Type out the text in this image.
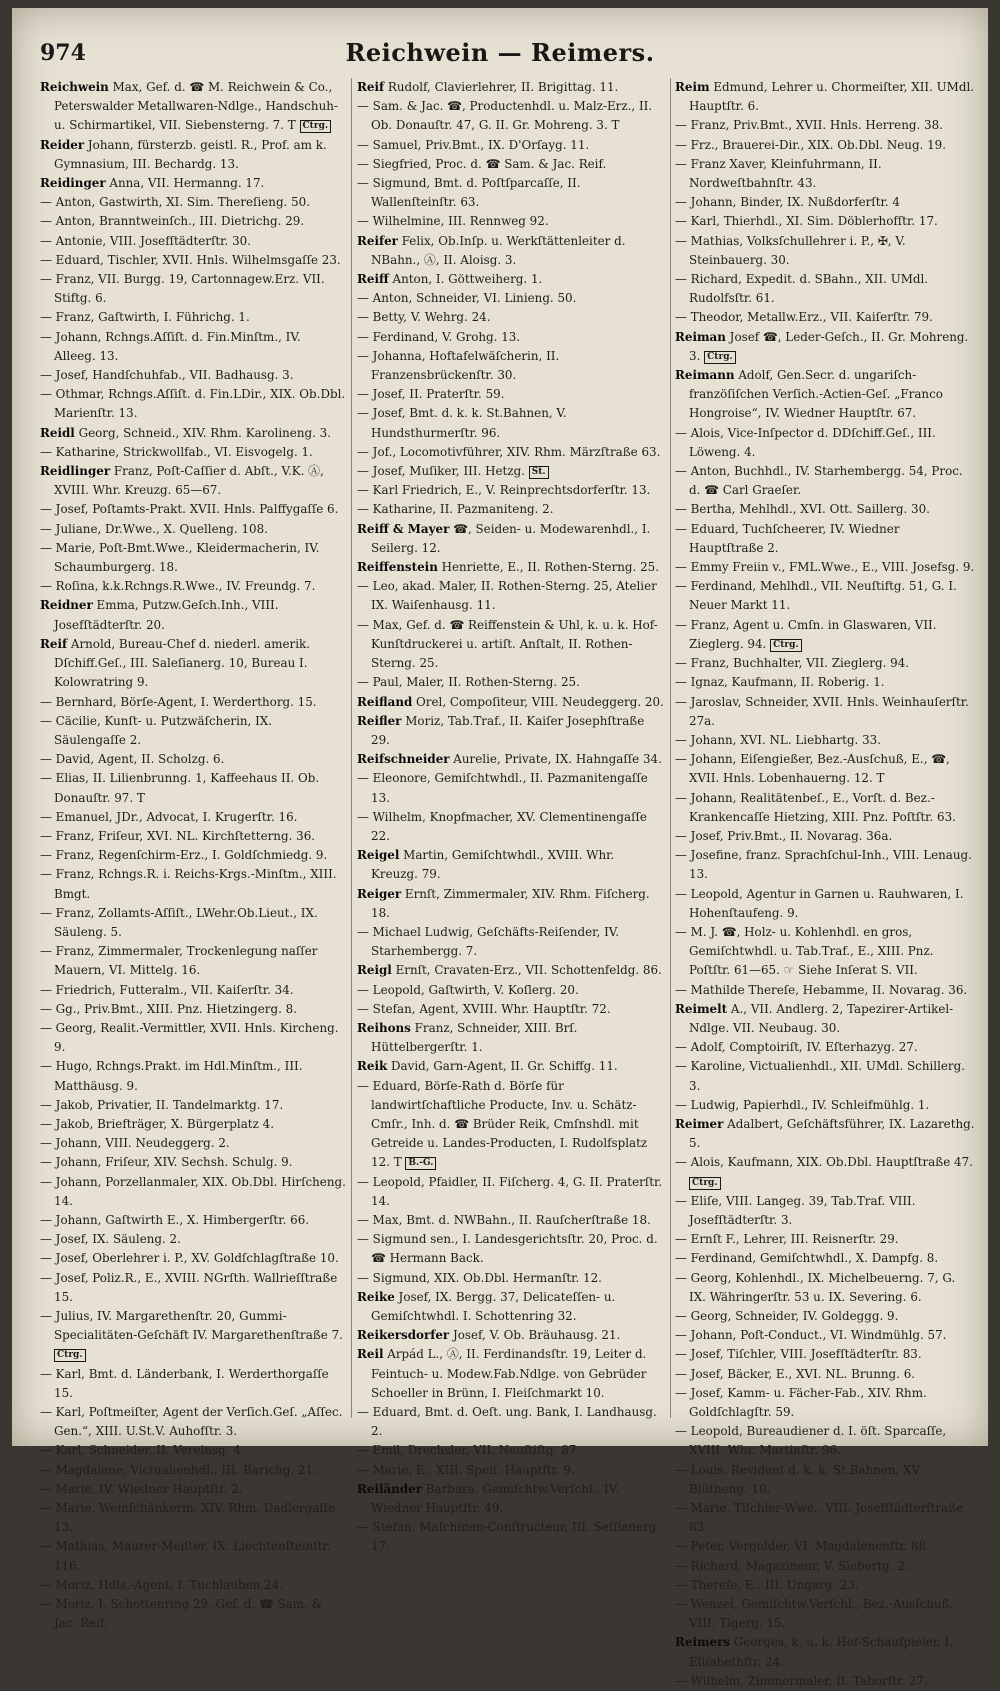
974	Reichwein — Reimers.

Reichwein Max, Gef. d. ☎ M. Reichwein & Co., Peterswalder Metallwaren-Ndlge., Handschuh- u. Schirmartikel, VII. Siebensterng. 7. T Ctrg.

Reider Johann, fürsterzb. geistl. R., Prof. am k. Gymnasium, III. Bechardg. 13.

Reidinger Anna, VII. Hermanng. 17.

— Anton, Gastwirth, XI. Sim. Thereſieng. 50.

— Anton, Branntweinſch., III. Dietrichg. 29.

— Antonie, VIII. Josefſtädterſtr. 30.

— Eduard, Tischler, XVII. Hnls. Wilhelmsgaſſe 23.

— Franz, VII. Burgg. 19, Cartonnagew.Erz. VII. Stiftg. 6.

— Franz, Gaſtwirth, I. Führichg. 1.

— Johann, Rchngs.Aſſiſt. d. Fin.Minſtm., IV. Alleeg. 13.

— Josef, Handſchuhfab., VII. Badhausg. 3.

— Othmar, Rchngs.Aſſiſt. d. Fin.LDir., XIX. Ob.Dbl. Marienſtr. 13.

Reidl Georg, Schneid., XIV. Rhm. Karolineng. 3.

— Katharine, Strickwollfab., VI. Eisvogelg. 1.

Reidlinger Franz, Poſt-Caſſier d. Abſt., V.K. Ⓐ, XVIII. Whr. Kreuzg. 65—67.

— Josef, Poſtamts-Prakt. XVII. Hnls. Palffygaſſe 6.

— Juliane, Dr.Wwe., X. Quelleng. 108.

— Marie, Poſt-Bmt.Wwe., Kleidermacherin, IV. Schaumburgerg. 18.

— Roſina, k.k.Rchngs.R.Wwe., IV. Freundg. 7.

Reidner Emma, Putzw.Geſch.Inh., VIII. Josefſtädterſtr. 20.

Reif Arnold, Bureau-Chef d. niederl. amerik. Dſchiff.Geſ., III. Saleſianerg. 10, Bureau I. Kolowratring 9.

— Bernhard, Börſe-Agent, I. Werderthorg. 15.

— Cäcilie, Kunſt- u. Putzwäſcherin, IX. Säulengaſſe 2.

— David, Agent, II. Scholzg. 6.

— Elias, II. Lilienbrunng. 1, Kaffeehaus II. Ob. Donauſtr. 97. T

— Emanuel, JDr., Advocat, I. Krugerſtr. 16.

— Franz, Friſeur, XVI. NL. Kirchſtetterng. 36.

— Franz, Regenſchirm-Erz., I. Goldſchmiedg. 9.

— Franz, Rchngs.R. i. Reichs-Krgs.-Minſtm., XIII. Bmgt.

— Franz, Zollamts-Aſſiſt., LWehr.Ob.Lieut., IX. Säuleng. 5.

— Franz, Zimmermaler, Trockenlegung naſſer Mauern, VI. Mittelg. 16.

— Friedrich, Futteralm., VII. Kaiſerſtr. 34.

— Gg., Priv.Bmt., XIII. Pnz. Hietzingerg. 8.

— Georg, Realit.-Vermittler, XVII. Hnls. Kircheng. 9.

— Hugo, Rchngs.Prakt. im Hdl.Minſtm., III. Matthäusg. 9.

— Jakob, Privatier, II. Tandelmarktg. 17.

— Jakob, Briefträger, X. Bürgerplatz 4.

— Johann, VIII. Neudeggerg. 2.

— Johann, Friſeur, XIV. Sechsh. Schulg. 9.

— Johann, Porzellanmaler, XIX. Ob.Dbl. Hirſcheng. 14.

— Johann, Gaſtwirth E., X. Himbergerſtr. 66.

— Josef, IX. Säuleng. 2.

— Josef, Oberlehrer i. P., XV. Goldſchlagſtraße 10.

— Josef, Poliz.R., E., XVIII. NGrſth. Wallrieſſtraße 15.

— Julius, IV. Margarethenſtr. 20, Gummi-Specialitäten-Geſchäft IV. Margarethenſtraße 7. Ctrg.

— Karl, Bmt. d. Länderbank, I. Werderthorgaſſe 15.

— Karl, Poſtmeiſter, Agent der Verſich.Geſ. „Aſſec. Gen.“, XIII. U.St.V. Auhofſtr. 3.

— Karl, Schneider, II. Vereinsg. 4.

— Magdalene, Victualienhdl., III. Barichg. 21.

— Marie, IV. Wiedner Hauptſtr. 2.

— Marie, Weinſchänkerin, XIV. Rhm. Dadlergaſſe 13.

— Mathias, Maurer-Meiſter, IX. Liechtenſteinſtr. 116.

— Moriz, Hdls.-Agent, I. Tuchlauben 24.

— Moriz, I. Schottenring 29, Gef. d. ☎ Sam. & Jac. Reif.

Reif Rudolf, Clavierlehrer, II. Brigittag. 11.

— Sam. & Jac. ☎, Productenhdl. u. Malz-Erz., II. Ob. Donauſtr. 47, G. II. Gr. Mohreng. 3. T

— Samuel, Priv.Bmt., IX. D'Orſayg. 11.

— Siegfried, Proc. d. ☎ Sam. & Jac. Reif.

— Sigmund, Bmt. d. Poſtſparcaſſe, II. Wallenſteinſtr. 63.

— Wilhelmine, III. Rennweg 92.

Reifer Felix, Ob.Inſp. u. Werkſtättenleiter d. NBahn., Ⓐ, II. Aloisg. 3.

Reiff Anton, I. Göttweiherg. 1.

— Anton, Schneider, VI. Linieng. 50.

— Betty, V. Wehrg. 24.

— Ferdinand, V. Grohg. 13.

— Johanna, Hoftafelwäſcherin, II. Franzensbrückenſtr. 30.

— Josef, II. Praterſtr. 59.

— Josef, Bmt. d. k. k. St.Bahnen, V. Hundsthurmerſtr. 96.

— Jof., Locomotivführer, XIV. Rhm. Märzſtraße 63.

— Josef, Muſiker, III. Hetzg. St.

— Karl Friedrich, E., V. Reinprechtsdorferſtr. 13.

— Katharine, II. Pazmaniteng. 2.

Reiff & Mayer ☎, Seiden- u. Modewarenhdl., I. Seilerg. 12.

Reiffenstein Henriette, E., II. Rothen-Sterng. 25.

— Leo, akad. Maler, II. Rothen-Sterng. 25, Atelier IX. Waiſenhausg. 11.

— Max, Gef. d. ☎ Reiffenstein & Uhl, k. u. k. Hof-Kunſtdruckerei u. artiſt. Anſtalt, II. Rothen-Sterng. 25.

— Paul, Maler, II. Rothen-Sterng. 25.

Reifland Orel, Compoſiteur, VIII. Neudeggerg. 20.

Reifler Moriz, Tab.Traf., II. Kaiſer Josephſtraße 29.

Reifschneider Aurelie, Private, IX. Hahngaſſe 34.

— Eleonore, Gemiſchtwhdl., II. Pazmanitengaſſe 13.

— Wilhelm, Knopfmacher, XV. Clementinengaſſe 22.

Reigel Martin, Gemiſchtwhdl., XVIII. Whr. Kreuzg. 79.

Reiger Ernſt, Zimmermaler, XIV. Rhm. Fiſcherg. 18.

— Michael Ludwig, Geſchäfts-Reiſender, IV. Starhembergg. 7.

Reigl Ernſt, Cravaten-Erz., VII. Schottenfeldg. 86.

— Leopold, Gaſtwirth, V. Koſlerg. 20.

— Stefan, Agent, XVIII. Whr. Hauptſtr. 72.

Reihons Franz, Schneider, XIII. Brſ. Hüttelbergerſtr. 1.

Reik David, Garn-Agent, II. Gr. Schiffg. 11.

— Eduard, Börſe-Rath d. Börſe für landwirtſchaftliche Producte, Inv. u. Schätz-Cmſr., Inh. d. ☎ Brüder Reik, Cmſnshdl. mit Getreide u. Landes-Producten, I. Rudolfsplatz 12. T B.-G.

— Leopold, Pfaidler, II. Fiſcherg. 4, G. II. Praterſtr. 14.

— Max, Bmt. d. NWBahn., II. Rauſcherſtraße 18.

— Sigmund sen., I. Landesgerichtsſtr. 20, Proc. d. ☎ Hermann Back.

— Sigmund, XIX. Ob.Dbl. Hermanſtr. 12.

Reike Josef, IX. Bergg. 37, Delicateſſen- u. Gemiſchtwhdl. I. Schottenring 32.

Reikersdorfer Josef, V. Ob. Bräuhausg. 21.

Reil Arpád L., Ⓐ, II. Ferdinandsſtr. 19, Leiter d. Feintuch- u. Modew.Fab.Ndlge. von Gebrüder Schoeller in Brünn, I. Fleiſchmarkt 10.

— Eduard, Bmt. d. Oeſt. ung. Bank, I. Landhausg. 2.

— Emil, Drechsler, VII. Neuſtiftg. 87.

— Marie, E., XIII. Speiſ. Hauptſtr. 9.

Reiländer Barbara, Gemiſchtw.Verſchl., IV. Wiedner Hauptſtr. 49.

— Stefan, Maſchinen-Conſtructeur, III. Seſſianerg. 17.

Reim Edmund, Lehrer u. Chormeiſter, XII. UMdl. Hauptſtr. 6.

— Franz, Priv.Bmt., XVII. Hnls. Herreng. 38.

— Frz., Brauerei-Dir., XIX. Ob.Dbl. Neug. 19.

— Franz Xaver, Kleinfuhrmann, II. Nordweſtbahnſtr. 43.

— Johann, Binder, IX. Nußdorferſtr. 4

— Karl, Thierhdl., XI. Sim. Döblerhofſtr. 17.

— Mathias, Volksſchullehrer i. P., ✠, V. Steinbauerg. 30.

— Richard, Expedit. d. SBahn., XII. UMdl. Rudolfsſtr. 61.

— Theodor, Metallw.Erz., VII. Kaiſerſtr. 79.

Reiman Josef ☎, Leder-Geſch., II. Gr. Mohreng. 3. Ctrg.

Reimann Adolf, Gen.Secr. d. ungariſch-franzöſiſchen Verſich.-Actien-Geſ. „Franco Hongroise“, IV. Wiedner Hauptſtr. 67.

— Alois, Vice-Inſpector d. DDſchiff.Geſ., III. Löweng. 4.

— Anton, Buchhdl., IV. Starhembergg. 54, Proc. d. ☎ Carl Graeſer.

— Bertha, Mehlhdl., XVI. Ott. Saillerg. 30.

— Eduard, Tuchſcheerer, IV. Wiedner Hauptſtraße 2.

— Emmy Freiin v., FML.Wwe., E., VIII. Josefsg. 9.

— Ferdinand, Mehlhdl., VII. Neuſtiftg. 51, G. I. Neuer Markt 11.

— Franz, Agent u. Cmſn. in Glaswaren, VII. Zieglerg. 94. Ctrg.

— Franz, Buchhalter, VII. Zieglerg. 94.

— Ignaz, Kaufmann, II. Roberig. 1.

— Jaroslav, Schneider, XVII. Hnls. Weinhauſerſtr. 27a.

— Johann, XVI. NL. Liebhartg. 33.

— Johann, Eiſengießer, Bez.-Ausſchuß, E., ☎, XVII. Hnls. Lobenhauerng. 12. T

— Johann, Realitätenbeſ., E., Vorſt. d. Bez.-Krankencaſſe Hietzing, XIII. Pnz. Poſtſtr. 63.

— Josef, Priv.Bmt., II. Novarag. 36a.

— Josefine, franz. Sprachſchul-Inh., VIII. Lenaug. 13.

— Leopold, Agentur in Garnen u. Rauhwaren, I. Hohenſtaufeng. 9.

— M. J. ☎, Holz- u. Kohlenhdl. en gros, Gemiſchtwhdl. u. Tab.Traf., E., XIII. Pnz. Poſtſtr. 61—65. ☞ Siehe Inſerat S. VII.

— Mathilde Thereſe, Hebamme, II. Novarag. 36.

Reimelt A., VII. Andlerg. 2, Tapezirer-Artikel-Ndlge. VII. Neubaug. 30.

— Adolf, Comptoiriſt, IV. Eſterhazyg. 27.

— Karoline, Victualienhdl., XII. UMdl. Schillerg. 3.

— Ludwig, Papierhdl., IV. Schleifmühlg. 1.

Reimer Adalbert, Geſchäftsführer, IX. Lazarethg. 5.

— Alois, Kaufmann, XIX. Ob.Dbl. Hauptſtraße 47. Ctrg.

— Eliſe, VIII. Langeg. 39, Tab.Traf. VIII. Josefſtädterſtr. 3.

— Ernſt F., Lehrer, III. Reisnerſtr. 29.

— Ferdinand, Gemiſchtwhdl., X. Dampfg. 8.

— Georg, Kohlenhdl., IX. Michelbeuerng. 7, G. IX. Währingerſtr. 53 u. IX. Severing. 6.

— Georg, Schneider, IV. Goldeggg. 9.

— Johann, Poſt-Conduct., VI. Windmühlg. 57.

— Josef, Tiſchler, VIII. Josefſtädterſtr. 83.

— Josef, Bäcker, E., XVI. NL. Brunng. 6.

— Josef, Kamm- u. Fächer-Fab., XIV. Rhm. Goldſchlagſtr. 59.

— Leopold, Bureaudiener d. I. öſt. Sparcaſſe, XVIII. Whr. Martinſtr. 96.

— Louis, Revident d. k. k. St.Bahnen, XV. Blütheng. 10.

— Marie, Tiſchler-Wwe., VIII. Josefſtädterſtraße 83.

— Peter, Vergolder, VI. Magdalenenſtr. 88.

— Richard, Magazineur, V. Siebertg. 2.

— Thereſe, E., III. Ungarg. 23.

— Wenzel, Gemiſchtw.Verſchl., Bez.-Ausſchuß, VIII. Tigerg. 15.

Reimers Georges, k. u. k. Hof-Schauſpieler, I. Eliſabethſtr. 24.

— Wilhelm, Zimmermaler, II. Taborſtr. 27.
